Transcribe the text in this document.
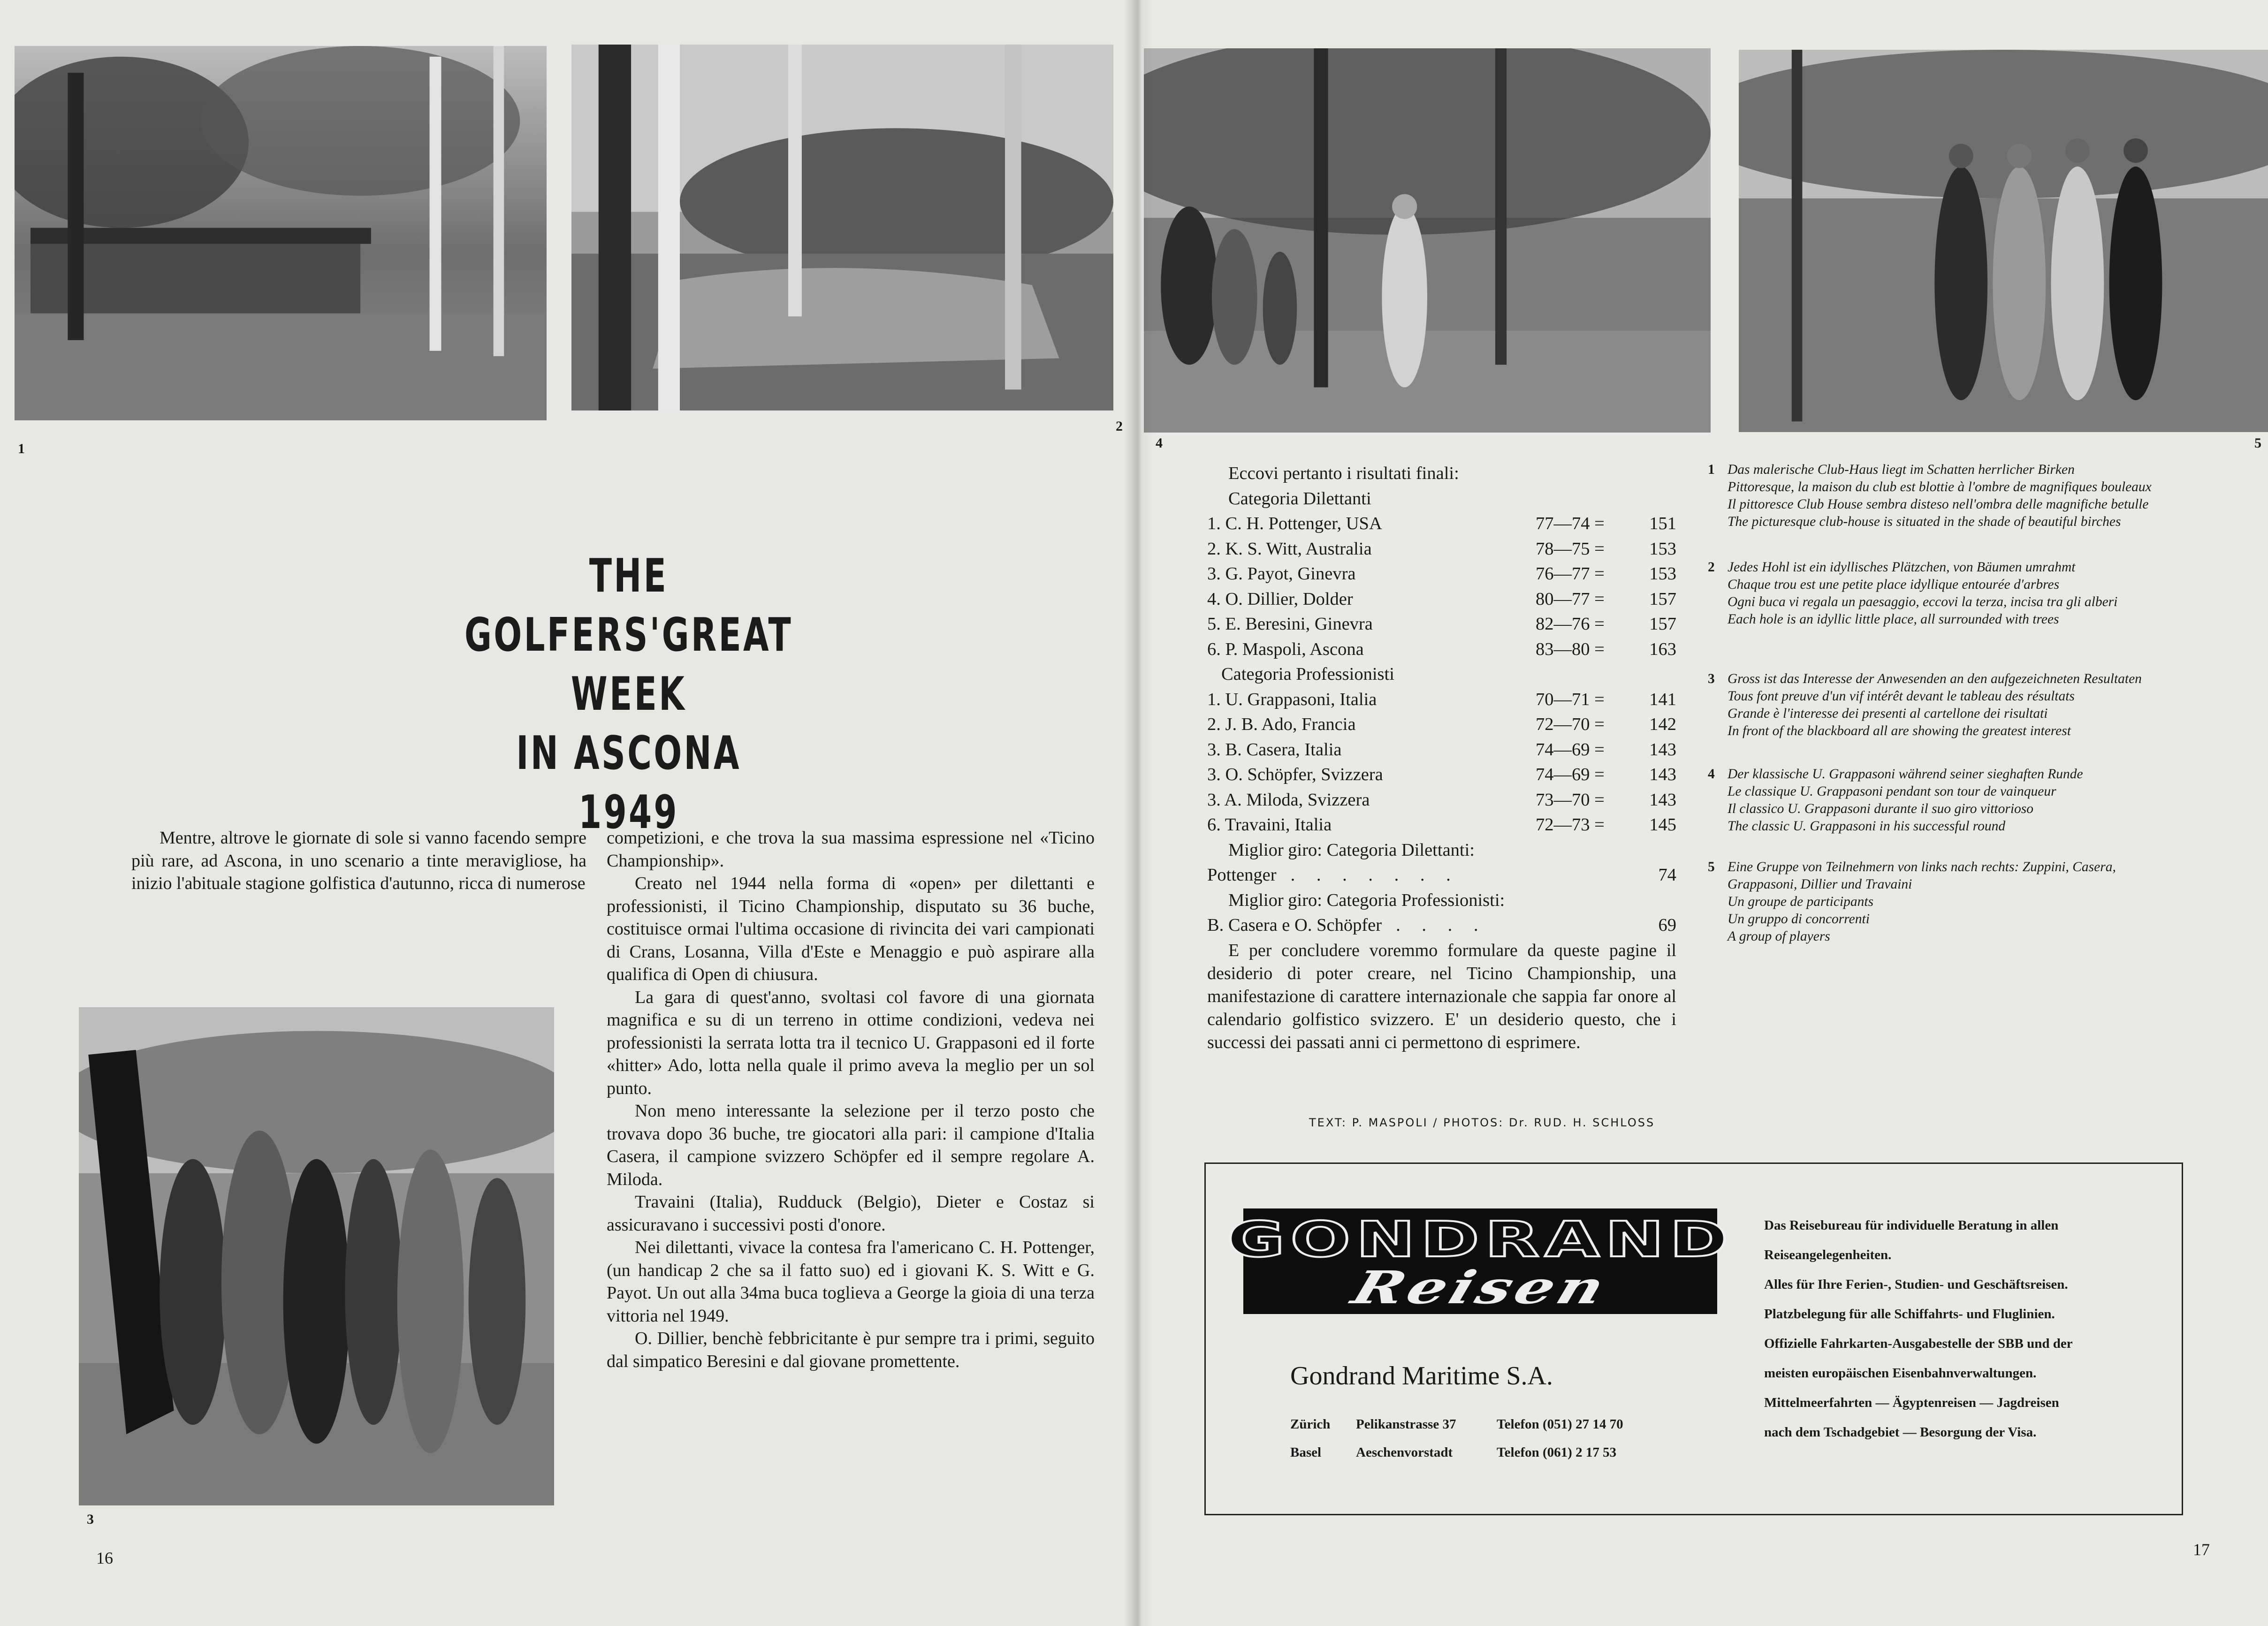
1
2
THE
GOLFERS'GREAT WEEK
IN ASCONA
1949

Mentre, altrove le giornate di sole si vanno facendo sempre più rare, ad Ascona, in uno scenario a tinte meravigliose, ha inizio l'abituale stagione golfistica d'autunno, ricca di numerose

3

competizioni, e che trova la sua massima espressione nel «Ticino Championship».

Creato nel 1944 nella forma di «open» per dilettanti e professionisti, il Ticino Championship, disputato su 36 buche, costituisce ormai l'ultima occasione di rivincita dei vari campionati di Crans, Losanna, Villa d'Este e Menaggio e può aspirare alla qualifica di Open di chiusura.

La gara di quest'anno, svoltasi col favore di una giornata magnifica e su di un terreno in ottime condizioni, vedeva nei professionisti la serrata lotta tra il tecnico U. Grappasoni ed il forte «hitter» Ado, lotta nella quale il primo aveva la meglio per un sol punto.

Non meno interessante la selezione per il terzo posto che trovava dopo 36 buche, tre giocatori alla pari: il campione d'Italia Casera, il campione svizzero Schöpfer ed il sempre regolare A. Miloda.

Travaini (Italia), Rudduck (Belgio), Dieter e Costaz si assicuravano i successivi posti d'onore.

Nei dilettanti, vivace la contesa fra l'americano C. H. Pottenger, (un handicap 2 che sa il fatto suo) ed i giovani K. S. Witt e G. Payot. Un out alla 34ma buca toglieva a George la gioia di una terza vittoria nel 1949.

O. Dillier, benchè febbricitante è pur sempre tra i primi, seguito dal simpatico Beresini e dal giovane promettente.

16
4	5
Eccovi pertanto i risultati finali:
Categoria Dilettanti
1. C. H. Pottenger, USA	77—74 =	151
2. K. S. Witt, Australia	78—75 =	153
3. G. Payot, Ginevra	76—77 =	153
4. O. Dillier, Dolder	80—77 =	157
5. E. Beresini, Ginevra	82—76 =	157
6. P. Maspoli, Ascona	83—80 =	163
Categoria Professionisti
1. U. Grappasoni, Italia	70—71 =	141
2. J. B. Ado, Francia	72—70 =	142
3. B. Casera, Italia	74—69 =	143
3. O. Schöpfer, Svizzera	74—69 =	143
3. A. Miloda, Svizzera	73—70 =	143
6. Travaini, Italia	72—73 =	145
Miglior giro: Categoria Dilettanti:
Pottenger . . . . . . .	74
Miglior giro: Categoria Professionisti:
B. Casera e O. Schöpfer . . . .	69

E per concludere voremmo formulare da queste pagine il desiderio di poter creare, nel Ticino Championship, una manifestazione di carattere internazionale che sappia far onore al calendario golfistico svizzero. E' un desiderio questo, che i successi dei passati anni ci permettono di esprimere.

TEXT: P. MASPOLI / PHOTOS: Dr. RUD. H. SCHLOSS
1 Das malerische Club-Haus liegt im Schatten herrlicher Birken
Pittoresque, la maison du club est blottie à l'ombre de magnifiques bouleaux
Il pittoresce Club House sembra disteso nell'ombra delle magnifiche betulle
The picturesque club-house is situated in the shade of beautiful birches
2 Jedes Hohl ist ein idyllisches Plätzchen, von Bäumen umrahmt
Chaque trou est une petite place idyllique entourée d'arbres
Ogni buca vi regala un paesaggio, eccovi la terza, incisa tra gli alberi
Each hole is an idyllic little place, all surrounded with trees
3 Gross ist das Interesse der Anwesenden an den aufgezeichneten Resultaten
Tous font preuve d'un vif intérêt devant le tableau des résultats
Grande è l'interesse dei presenti al cartellone dei risultati
In front of the blackboard all are showing the greatest interest
4 Der klassische U. Grappasoni während seiner sieghaften Runde
Le classique U. Grappasoni pendant son tour de vainqueur
Il classico U. Grappasoni durante il suo giro vittorioso
The classic U. Grappasoni in his successful round
5 Eine Gruppe von Teilnehmern von links nach rechts: Zuppini, Casera, Grappasoni, Dillier und Travaini
Un groupe de participants
Un gruppo di concorrenti
A group of players
GONDRAND
Reisen
Gondrand Maritime S.A.
Zürich	Pelikanstrasse 37	Telefon (051) 27 14 70
Basel	Aeschenvorstadt	Telefon (061) 2 17 53
Das Reisebureau für individuelle Beratung in allen
Reiseangelegenheiten.
Alles für Ihre Ferien-, Studien- und Geschäftsreisen.
Platzbelegung für alle Schiffahrts- und Fluglinien.
Offizielle Fahrkarten-Ausgabestelle der SBB und der
meisten europäischen Eisenbahnverwaltungen.
Mittelmeerfahrten — Ägyptenreisen — Jagdreisen
nach dem Tschadgebiet — Besorgung der Visa.
17
